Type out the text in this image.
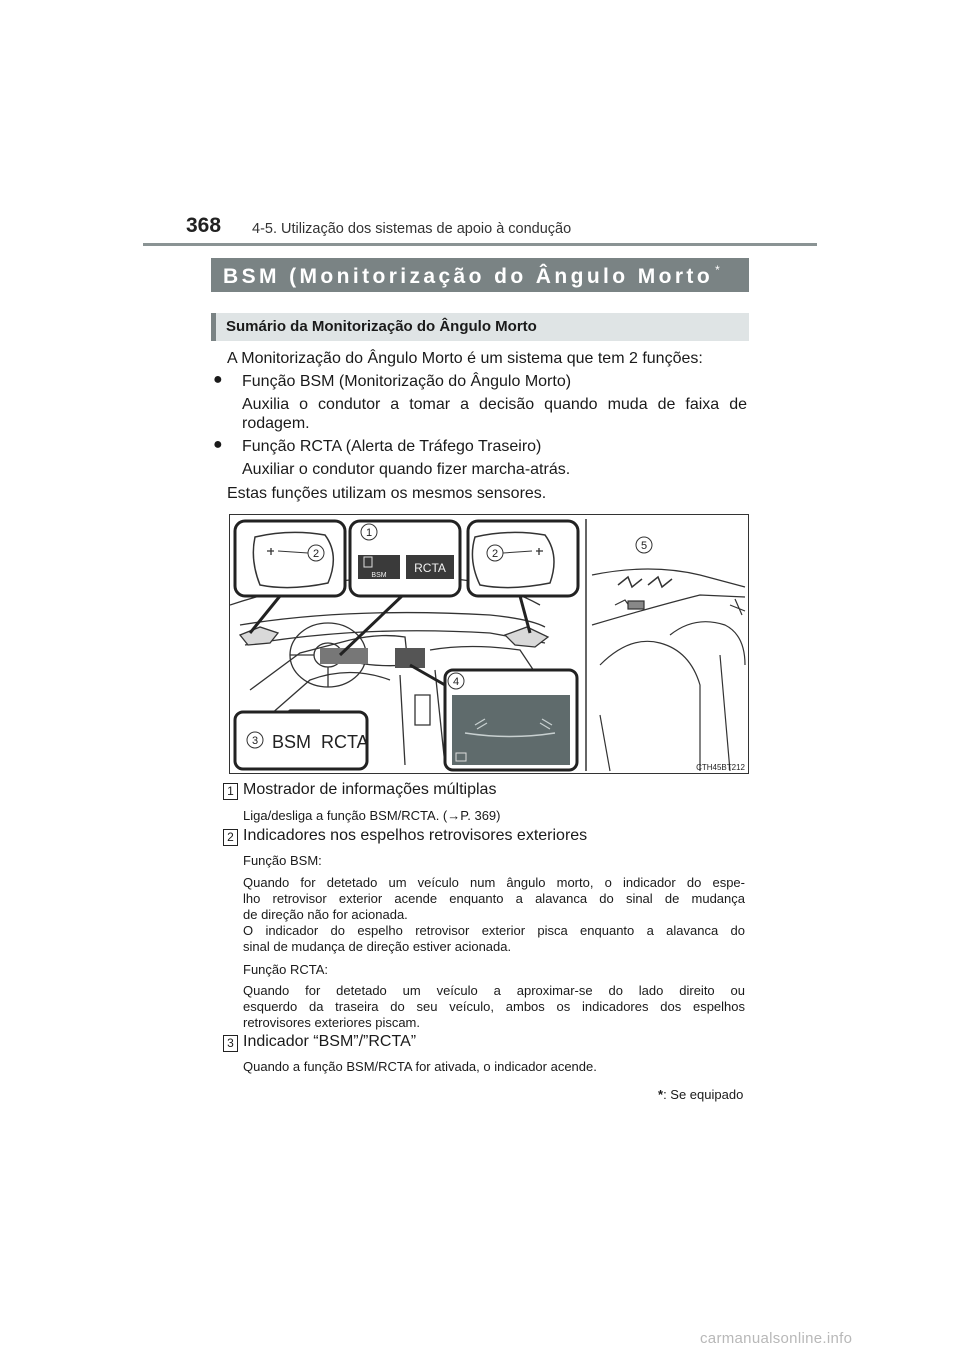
368 4-5. Utilização dos sistemas de apoio à condução
BSM (Monitorização do Ângulo Morto *
Sumário da Monitorização do Ângulo Morto
A Monitorização do Ângulo Morto é um sistema que tem 2 funções:
● Função BSM (Monitorização do Ângulo Morto)
Auxilia o condutor a tomar a decisão quando muda de faixa de
rodagem.
● Função RCTA (Alerta de Tráfego Traseiro)
Auxiliar o condutor quando fizer marcha-atrás.
Estas funções utilizam os mesmos sensores.
2
1
BSM
RCTA
2
4
3 BSM  RCTA
5
CTH45BT212
1 Mostrador de informações múltiplas
Liga/desliga a função BSM/RCTA. (→P. 369)
2 Indicadores nos espelhos retrovisores exteriores
Função BSM:
Quando for detetado um veículo num ângulo morto, o indicador do espe-
lho retrovisor exterior acende enquanto a alavanca do sinal de mudança
de direção não for acionada.
O indicador do espelho retrovisor exterior pisca enquanto a alavanca do
sinal de mudança de direção estiver acionada.
Função RCTA:
Quando for detetado um veículo a aproximar-se do lado direito ou
esquerdo da traseira do seu veículo, ambos os indicadores dos espelhos
retrovisores exteriores piscam.
3 Indicador “BSM”/”RCTA”
Quando a função BSM/RCTA for ativada, o indicador acende.
*: Se equipado
carmanualsonline.info
